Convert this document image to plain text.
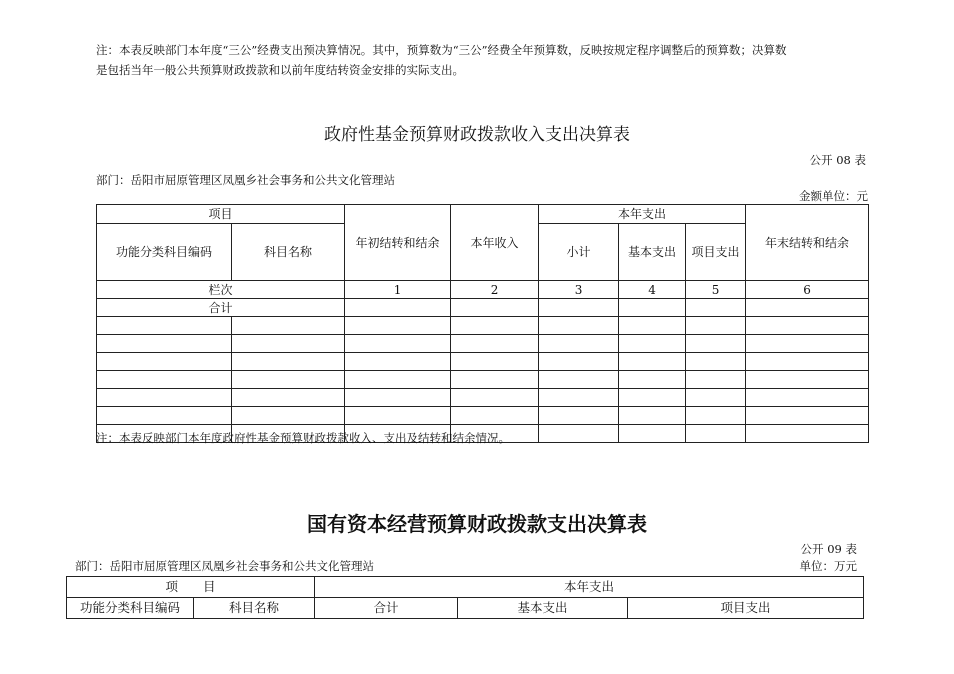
注：本表反映部门本年度“三公”经费支出预决算情况。其中，预算数为“三公”经费全年预算数，反映按规定程序调整后的预算数；决算数
是包括当年一般公共预算财政拨款和以前年度结转资金安排的实际支出。
政府性基金预算财政拨款收入支出决算表
公开 08 表
部门：岳阳市屈原管理区凤凰乡社会事务和公共文化管理站
金额单位：元
项目		年初结转和结余	本年收入	本年支出			年末结转和结余
功能分类科目编码	科目名称			小计	基本支出	项目支出	
栏次		1	2	3	4	5	6
合计							

注：本表反映部门本年度政府性基金预算财政拨款收入、支出及结转和结余情况。
国有资本经营预算财政拨款支出决算表
公开 09 表
部门：岳阳市屈原管理区凤凰乡社会事务和公共文化管理站	单位：万元
项　　目		本年支出		
功能分类科目编码	科目名称	合计	基本支出	项目支出
